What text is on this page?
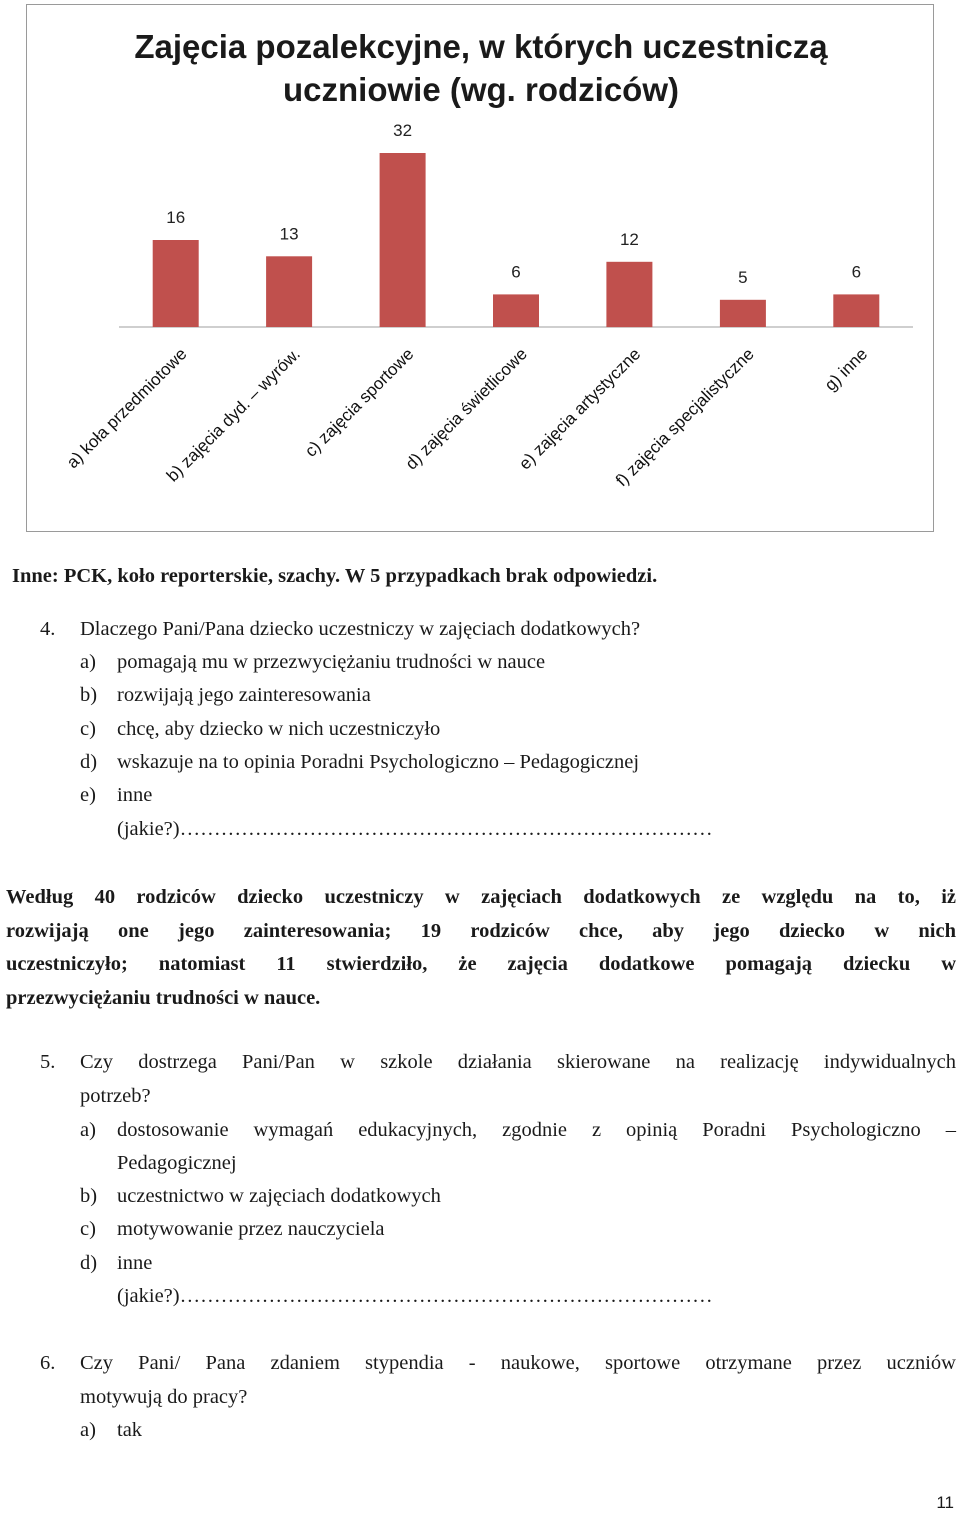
Zajęcia pozalekcyjne, w których uczestniczą
uczniowie (wg. rodziców)
16
a) koła przedmiotowe
13
b) zajęcia dyd. – wyrów.
32
c) zajęcia sportowe
6
d) zajęcia świetlicowe
12
e) zajęcia artystyczne
5
f) zajęcia specjalistyczne
6
g) inne
Inne: PCK, koło reporterskie, szachy. W 5 przypadkach brak odpowiedzi.
4.	Dlaczego Pani/Pana dziecko uczestniczy w zajęciach dodatkowych?
a)	pomagają mu w przezwyciężaniu trudności w nauce
b) rozwijają jego zainteresowania
c)	chcę, aby dziecko w nich uczestniczyło
d) wskazuje na to opinia Poradni Psychologiczno – Pedagogicznej
e)	inne
(jakie?)……………………………………………………………………
Według 40 rodziców dziecko uczestniczy w zajęciach dodatkowych ze względu na to, iż
rozwijają one jego zainteresowania; 19 rodziców chce, aby jego dziecko w nich
uczestniczyło; natomiast 11 stwierdziło, że zajęcia dodatkowe pomagają dziecku w
przezwyciężaniu trudności w nauce.
5.	Czy dostrzega Pani/Pan w szkole działania skierowane na realizację indywidualnych
potrzeb?
a)	dostosowanie wymagań edukacyjnych, zgodnie z opinią Poradni Psychologiczno –
Pedagogicznej
b) uczestnictwo w zajęciach dodatkowych
c)	motywowanie przez nauczyciela
d) inne
(jakie?)……………………………………………………………………
6.	Czy Pani/ Pana zdaniem stypendia - naukowe, sportowe otrzymane przez uczniów
motywują do pracy?
a)	tak
11
